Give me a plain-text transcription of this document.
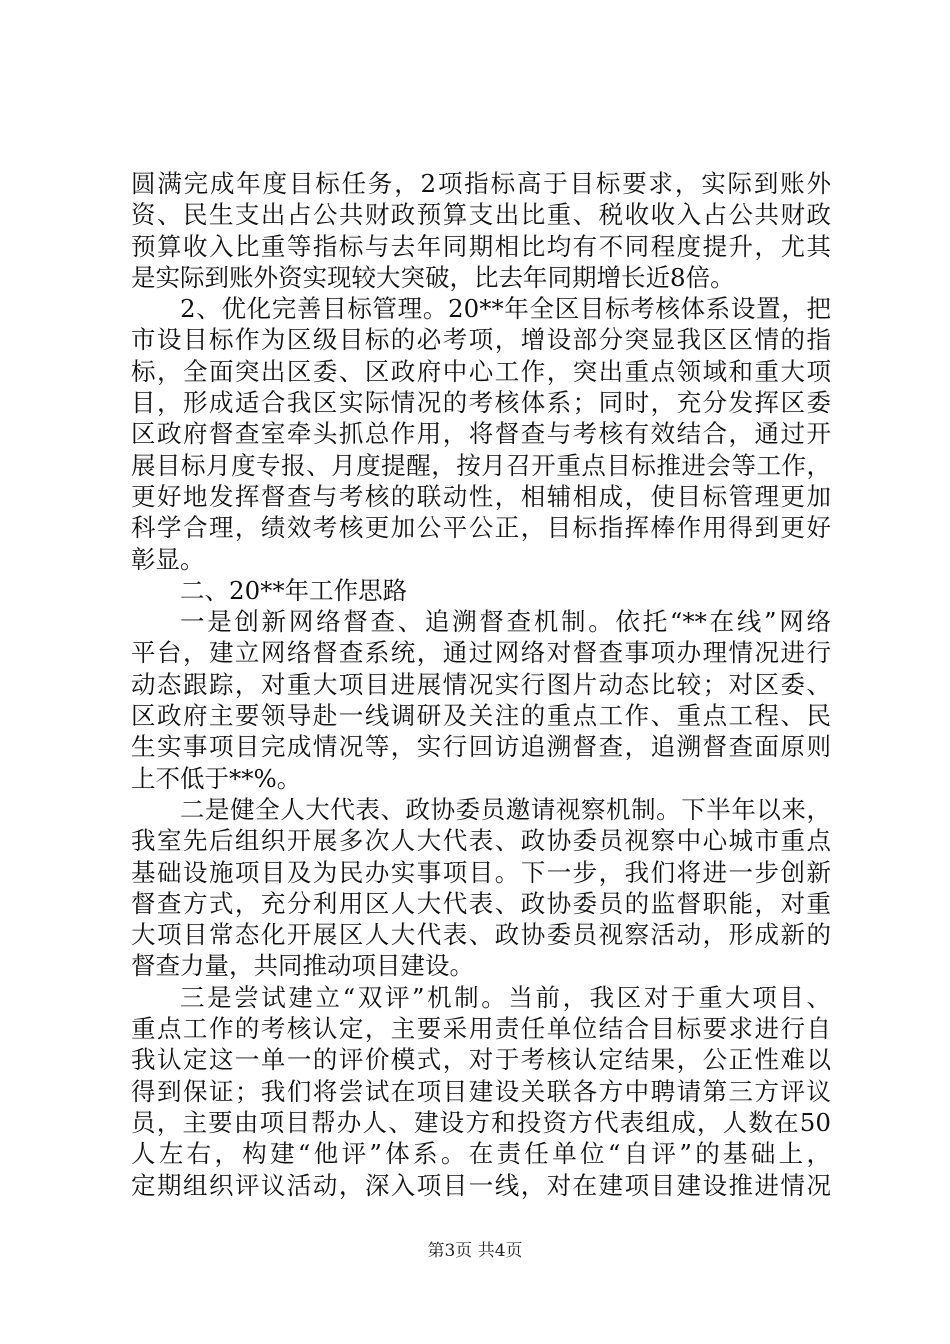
圆满完成年度目标任务，2项指标高于目标要求，实际到账外
资、民生支出占公共财政预算支出比重、税收收入占公共财政
预算收入比重等指标与去年同期相比均有不同程度提升，尤其
是实际到账外资实现较大突破，比去年同期增长近8倍。
2、优化完善目标管理。20**年全区目标考核体系设置，把
市设目标作为区级目标的必考项，增设部分突显我区区情的指
标，全面突出区委、区政府中心工作，突出重点领域和重大项
目，形成适合我区实际情况的考核体系；同时，充分发挥区委
区政府督查室牵头抓总作用，将督查与考核有效结合，通过开
展目标月度专报、月度提醒，按月召开重点目标推进会等工作，
更好地发挥督查与考核的联动性，相辅相成，使目标管理更加
科学合理，绩效考核更加公平公正，目标指挥棒作用得到更好
彰显。
二、20**年工作思路
一是创新网络督查、追溯督查机制。依托“**在线”网络
平台，建立网络督查系统，通过网络对督查事项办理情况进行
动态跟踪，对重大项目进展情况实行图片动态比较；对区委、
区政府主要领导赴一线调研及关注的重点工作、重点工程、民
生实事项目完成情况等，实行回访追溯督查，追溯督查面原则
上不低于**%。
二是健全人大代表、政协委员邀请视察机制。下半年以来，
我室先后组织开展多次人大代表、政协委员视察中心城市重点
基础设施项目及为民办实事项目。下一步，我们将进一步创新
督查方式，充分利用区人大代表、政协委员的监督职能，对重
大项目常态化开展区人大代表、政协委员视察活动，形成新的
督查力量，共同推动项目建设。
三是尝试建立“双评”机制。当前，我区对于重大项目、
重点工作的考核认定，主要采用责任单位结合目标要求进行自
我认定这一单一的评价模式，对于考核认定结果，公正性难以
得到保证；我们将尝试在项目建设关联各方中聘请第三方评议
员，主要由项目帮办人、建设方和投资方代表组成，人数在50
人左右，构建“他评”体系。在责任单位“自评”的基础上，
定期组织评议活动，深入项目一线，对在建项目建设推进情况
第3页 共4页
